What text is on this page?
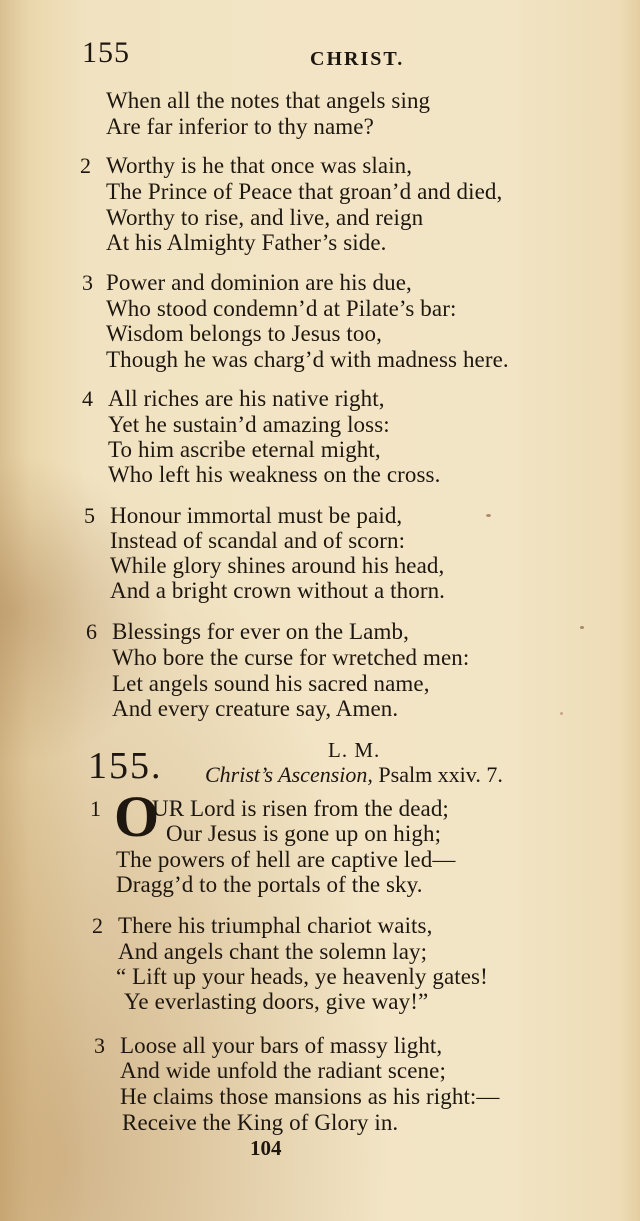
155	CHRIST.
When all the notes that angels sing
Are far inferior to thy name?
2 Worthy is he that once was slain,
The Prince of Peace that groan’d and died,
Worthy to rise, and live, and reign
At his Almighty Father’s side.
3 Power and dominion are his due,
Who stood condemn’d at Pilate’s bar:
Wisdom belongs to Jesus too,
Though he was charg’d with madness here.
4 All riches are his native right,
Yet he sustain’d amazing loss:
To him ascribe eternal might,
Who left his weakness on the cross.
5 Honour immortal must be paid,
Instead of scandal and of scorn:
While glory shines around his head,
And a bright crown without a thorn.
6 Blessings for ever on the Lamb,
Who bore the curse for wretched men:
Let angels sound his sacred name,
And every creature say, Amen.
155.	L. M.
Christ’s Ascension, Psalm xxiv. 7.
1 O
UR Lord is risen from the dead;
Our Jesus is gone up on high;
The powers of hell are captive led—
Dragg’d to the portals of the sky.
2 There his triumphal chariot waits,
And angels chant the solemn lay;
“ Lift up your heads, ye heavenly gates!
Ye everlasting doors, give way!”
3 Loose all your bars of massy light,
And wide unfold the radiant scene;
He claims those mansions as his right:—
Receive the King of Glory in.
104
